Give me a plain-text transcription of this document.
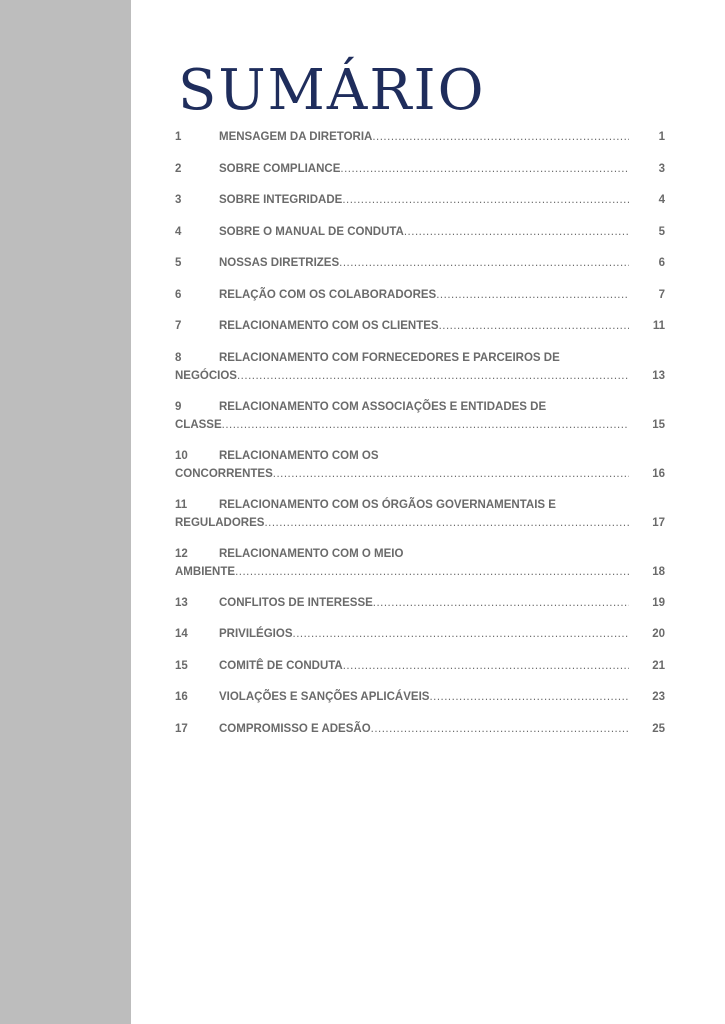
SUMÁRIO
1	MENSAGEM DA DIRETORIA .....	1
2	SOBRE COMPLIANCE .....	3
3	SOBRE INTEGRIDADE .....	4
4	SOBRE O MANUAL DE CONDUTA .....	5
5	NOSSAS DIRETRIZES .....	6
6	RELAÇÃO COM OS COLABORADORES .....	7
7	RELACIONAMENTO COM OS CLIENTES .....	11
8	RELACIONAMENTO COM FORNECEDORES E PARCEIROS DE
NEGÓCIOS .....	13
9	RELACIONAMENTO COM ASSOCIAÇÕES E ENTIDADES DE
CLASSE .....	15
10	RELACIONAMENTO COM OS
CONCORRENTES .....	16
11	RELACIONAMENTO COM OS ÓRGÃOS GOVERNAMENTAIS E
REGULADORES .....	17
12	RELACIONAMENTO COM O MEIO
AMBIENTE .....	18
13	CONFLITOS DE INTERESSE .....	19
14	PRIVILÉGIOS .....	20
15	COMITÊ DE CONDUTA .....	21
16	VIOLAÇÕES E SANÇÕES APLICÁVEIS .....	23
17	COMPROMISSO E ADESÃO .....	25
